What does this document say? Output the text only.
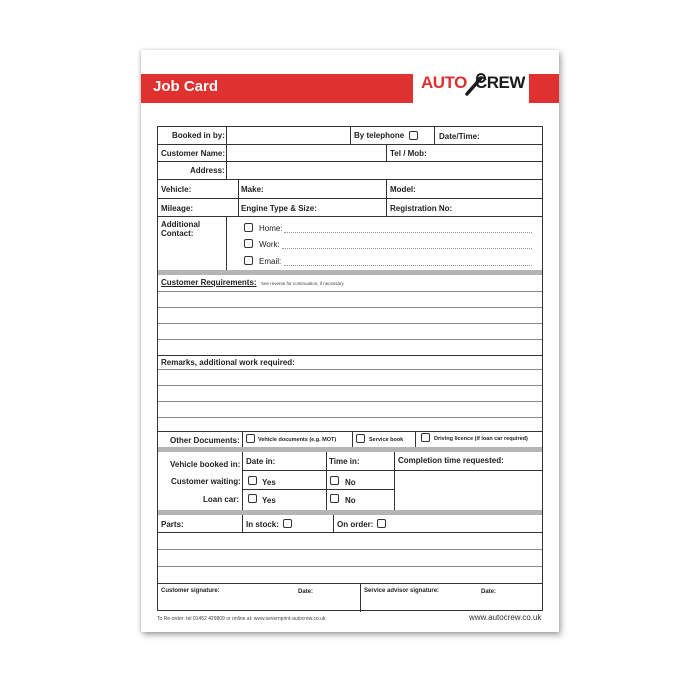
Job Card	AUTO CREW
Booked in by:	By telephone	Date/Time:
Customer Name:	Tel / Mob:
Address:
Vehicle:	Make:	Model:
Mileage:	Engine Type & Size:	Registration No:
Additional
Contact:
Home:
Work:
Email:
Customer Requirements: See reverse for continuation, if necessary
Remarks, additional work required:
Other Documents:	Vehicle documents (e.g. MOT)	Service book	Driving licence (if loan car required)
Vehicle booked in: Date in:	Time in:	Completion time requested:
Customer waiting:	Yes	No
Loan car:	Yes	No
Parts:	In stock:	On order:
Customer signature:	Date:	Service advisor signature:	Date:
To Re-order: tel 01452 429809 or online at: www.severnprint-autocrew.co.uk	www.autocrew.co.uk
